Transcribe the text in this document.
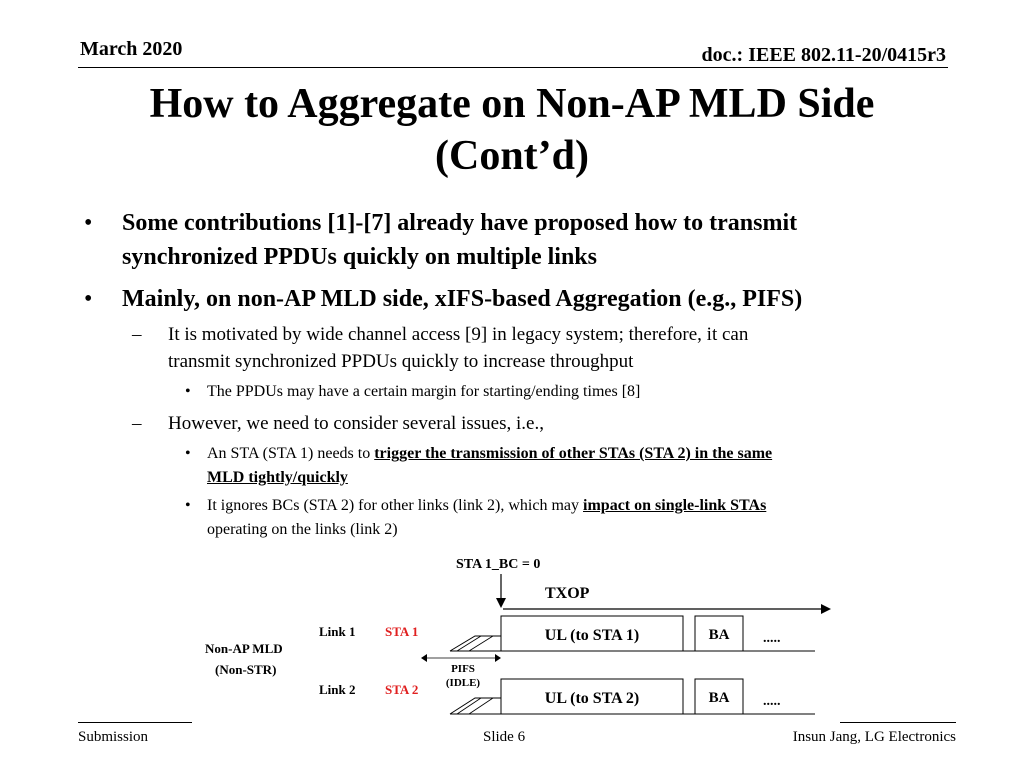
March 2020	doc.: IEEE 802.11-20/0415r3
How to Aggregate on Non-AP MLD Side
(Cont’d)
• Some contributions [1]-[7] already have proposed how to transmit
synchronized PPDUs quickly on multiple links
• Mainly, on non-AP MLD side, xIFS-based Aggregation (e.g., PIFS)
– It is motivated by wide channel access [9] in legacy system; therefore, it can
transmit synchronized PPDUs quickly to increase throughput
• The PPDUs may have a certain margin for starting/ending times [8]
– However, we need to consider several issues, i.e.,
• An STA (STA 1) needs to trigger the transmission of other STAs (STA 2) in the same
MLD tightly/quickly
• It ignores BCs (STA 2) for other links (link 2), which may impact on single-link STAs
operating on the links (link 2)
STA 1_BC = 0
TXOP
Non-AP MLD
(Non-STR)
Link 1 STA 1
Link 2 STA 2
UL (to STA 1)	BA .....
PIFS
(IDLE)
UL (to STA 2)	BA .....
Submission	Slide 6	Insun Jang, LG Electronics
